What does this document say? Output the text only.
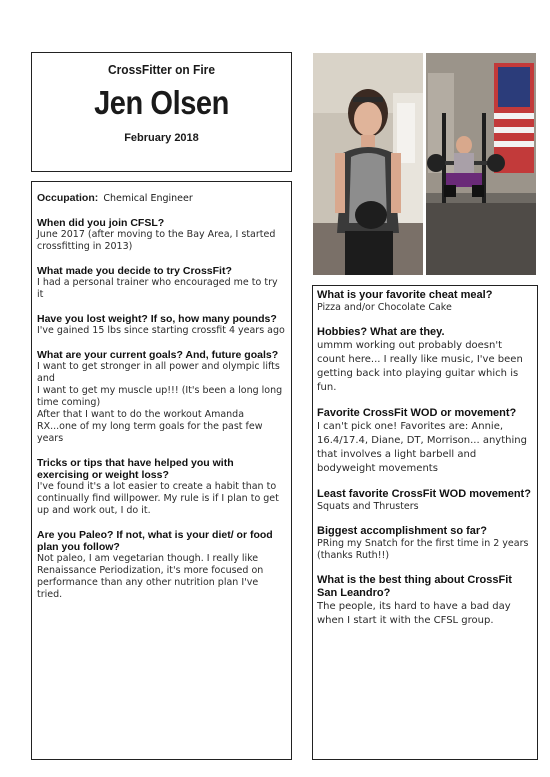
CrossFitter on Fire
Jen Olsen
February 2018
Occupation: Chemical Engineer
When did you join CFSL?
June 2017 (after moving to the Bay Area, I started crossfitting in 2013)
What made you decide to try CrossFit?
I had a personal trainer who encouraged me to try it
Have you lost weight? If so, how many pounds?
I've gained 15 lbs since starting crossfit 4 years ago
What are your current goals? And, future goals?
I want to get stronger in all power and olympic lifts and
I want to get my muscle up!!! (It's been a long long time coming)
After that I want to do the workout Amanda RX...one of my long term goals for the past few years
Tricks or tips that have helped you with exercising or weight loss?
I've found it's a lot easier to create a habit than to continually find willpower. My rule is if I plan to get up and work out, I do it.
Are you Paleo? If not, what is your diet/ or food plan you follow?
Not paleo, I am vegetarian though. I really like Renaissance Periodization, it's more focused on performance than any other nutrition plan I've tried.
What is your favorite cheat meal?
Pizza and/or Chocolate Cake
Hobbies? What are they.
ummm working out probably doesn't count here... I really like music, I've been getting back into playing guitar which is fun.
Favorite CrossFit WOD or movement?
I can't pick one! Favorites are: Annie, 16.4/17.4, Diane, DT, Morrison... anything that involves a light barbell and bodyweight movements
Least favorite CrossFit WOD movement?
Squats and Thrusters
Biggest accomplishment so far?
PRing my Snatch for the first time in 2 years (thanks Ruth!!)
What is the best thing about CrossFit San Leandro?
The people, its hard to have a bad day when I start it with the CFSL group.
